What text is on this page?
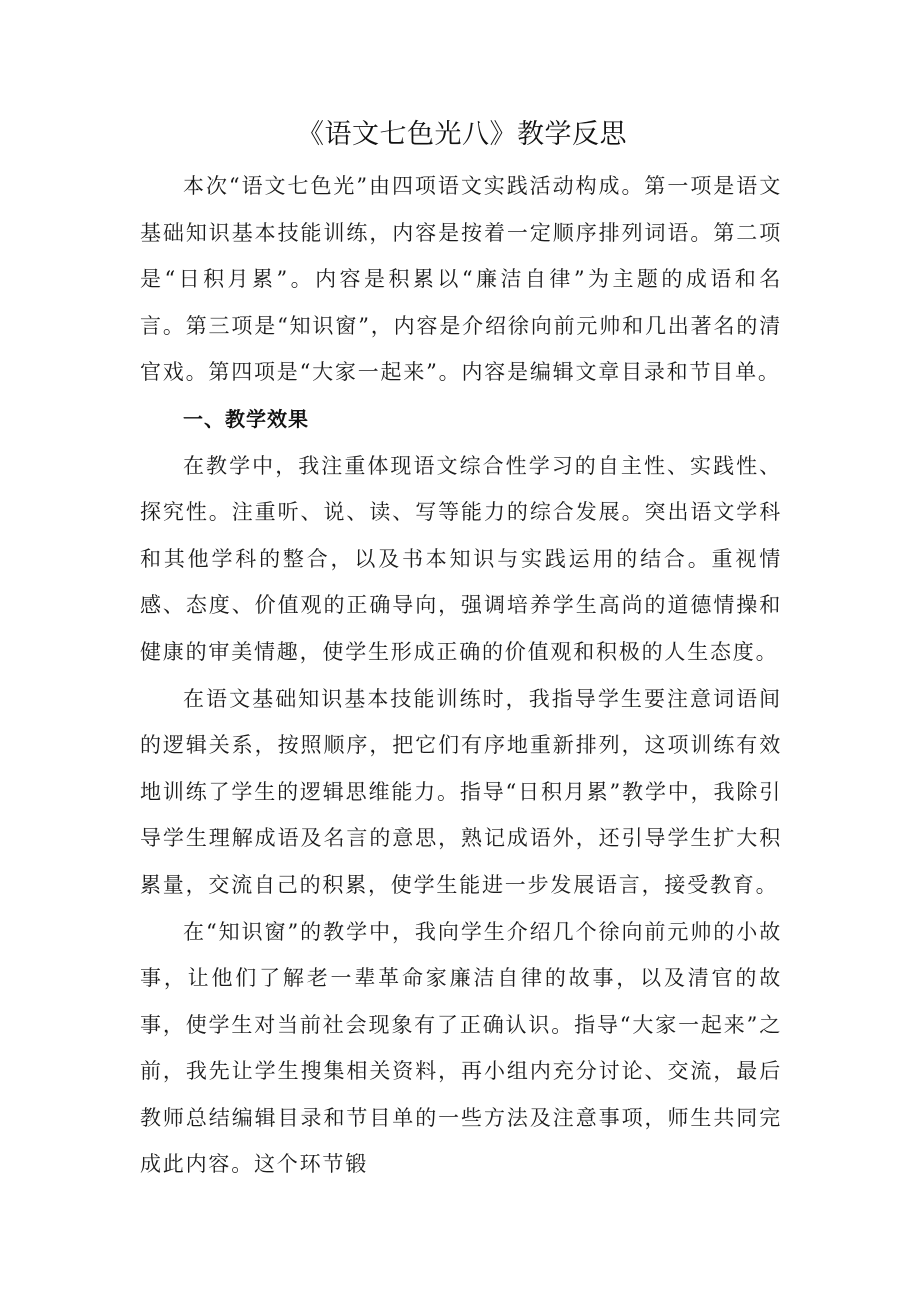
《语文七色光八》教学反思

本次“语文七色光”由四项语文实践活动构成。第一项是语文基础知识基本技能训练，内容是按着一定顺序排列词语。第二项是“日积月累”。内容是积累以“廉洁自律”为主题的成语和名言。第三项是“知识窗”，内容是介绍徐向前元帅和几出著名的清官戏。第四项是“大家一起来”。内容是编辑文章目录和节目单。

一、教学效果

在教学中，我注重体现语文综合性学习的自主性、实践性、探究性。注重听、说、读、写等能力的综合发展。突出语文学科和其他学科的整合，以及书本知识与实践运用的结合。重视情感、态度、价值观的正确导向，强调培养学生高尚的道德情操和健康的审美情趣，使学生形成正确的价值观和积极的人生态度。

在语文基础知识基本技能训练时，我指导学生要注意词语间的逻辑关系，按照顺序，把它们有序地重新排列，这项训练有效地训练了学生的逻辑思维能力。指导“日积月累”教学中，我除引导学生理解成语及名言的意思，熟记成语外，还引导学生扩大积累量，交流自己的积累，使学生能进一步发展语言，接受教育。

在“知识窗”的教学中，我向学生介绍几个徐向前元帅的小故事，让他们了解老一辈革命家廉洁自律的故事，以及清官的故事，使学生对当前社会现象有了正确认识。指导“大家一起来”之前，我先让学生搜集相关资料，再小组内充分讨论、交流，最后教师总结编辑目录和节目单的一些方法及注意事项，师生共同完成此内容。这个环节锻
